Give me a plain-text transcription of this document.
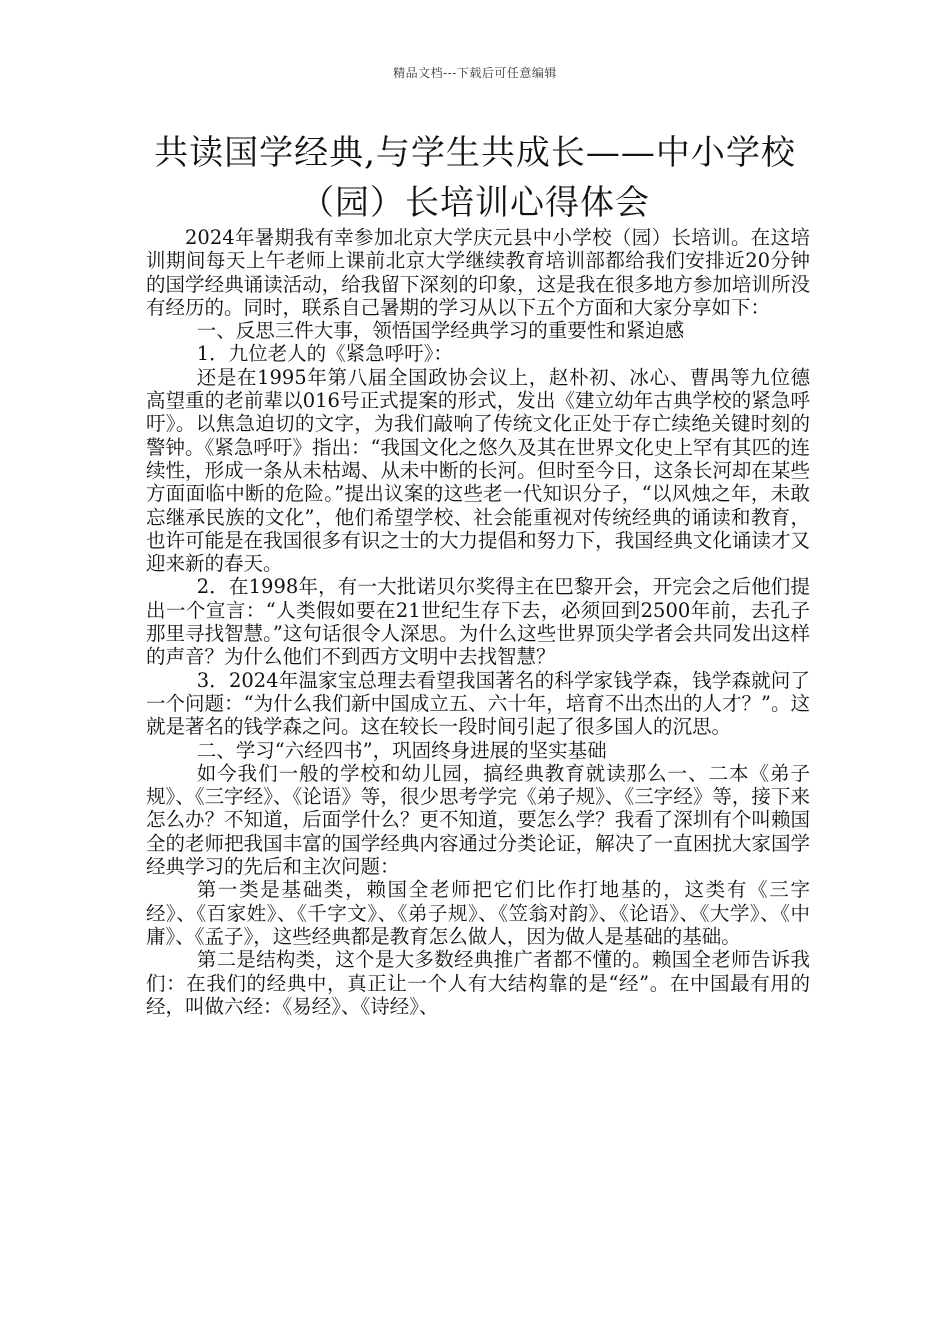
精品文档---下载后可任意编辑
共读国学经典,与学生共成长——中小学校
（园）长培训心得体会

2024年暑期我有幸参加北京大学庆元县中小学校（园）长培训。在这培训期间每天上午老师上课前北京大学继续教育培训部都给我们安排近20分钟的国学经典诵读活动，给我留下深刻的印象，这是我在很多地方参加培训所没有经历的。同时，联系自己暑期的学习从以下五个方面和大家分享如下：

一、反思三件大事，领悟国学经典学习的重要性和紧迫感

1．九位老人的《紧急呼吁》：

还是在1995年第八届全国政协会议上，赵朴初、冰心、曹禺等九位德高望重的老前辈以016号正式提案的形式，发出《建立幼年古典学校的紧急呼吁》。以焦急迫切的文字，为我们敲响了传统文化正处于存亡续绝关键时刻的警钟。《紧急呼吁》指出：“我国文化之悠久及其在世界文化史上罕有其匹的连续性，形成一条从未枯竭、从未中断的长河。但时至今日，这条长河却在某些方面面临中断的危险。”提出议案的这些老一代知识分子，“以风烛之年，未敢忘继承民族的文化”，他们希望学校、社会能重视对传统经典的诵读和教育，也许可能是在我国很多有识之士的大力提倡和努力下，我国经典文化诵读才又迎来新的春天。

2．在1998年，有一大批诺贝尔奖得主在巴黎开会，开完会之后他们提出一个宣言：“人类假如要在21世纪生存下去，必须回到2500年前，去孔子那里寻找智慧。”这句话很令人深思。为什么这些世界顶尖学者会共同发出这样的声音？为什么他们不到西方文明中去找智慧？

3．2024年温家宝总理去看望我国著名的科学家钱学森，钱学森就问了一个问题：“为什么我们新中国成立五、六十年，培育不出杰出的人才？”。这就是著名的钱学森之问。这在较长一段时间引起了很多国人的沉思。

二、学习“六经四书”，巩固终身进展的坚实基础

如今我们一般的学校和幼儿园，搞经典教育就读那么一、二本《弟子规》、《三字经》、《论语》等，很少思考学完《弟子规》、《三字经》等，接下来怎么办？不知道，后面学什么？更不知道，要怎么学？我看了深圳有个叫赖国全的老师把我国丰富的国学经典内容通过分类论证，解决了一直困扰大家国学经典学习的先后和主次问题：

第一类是基础类，赖国全老师把它们比作打地基的，这类有《三字经》、《百家姓》、《千字文》、《弟子规》、《笠翁对韵》、《论语》、《大学》、《中庸》、《孟子》，这些经典都是教育怎么做人，因为做人是基础的基础。

第二是结构类，这个是大多数经典推广者都不懂的。赖国全老师告诉我们：在我们的经典中，真正让一个人有大结构靠的是“经”。在中国最有用的经，叫做六经：《易经》、《诗经》、
